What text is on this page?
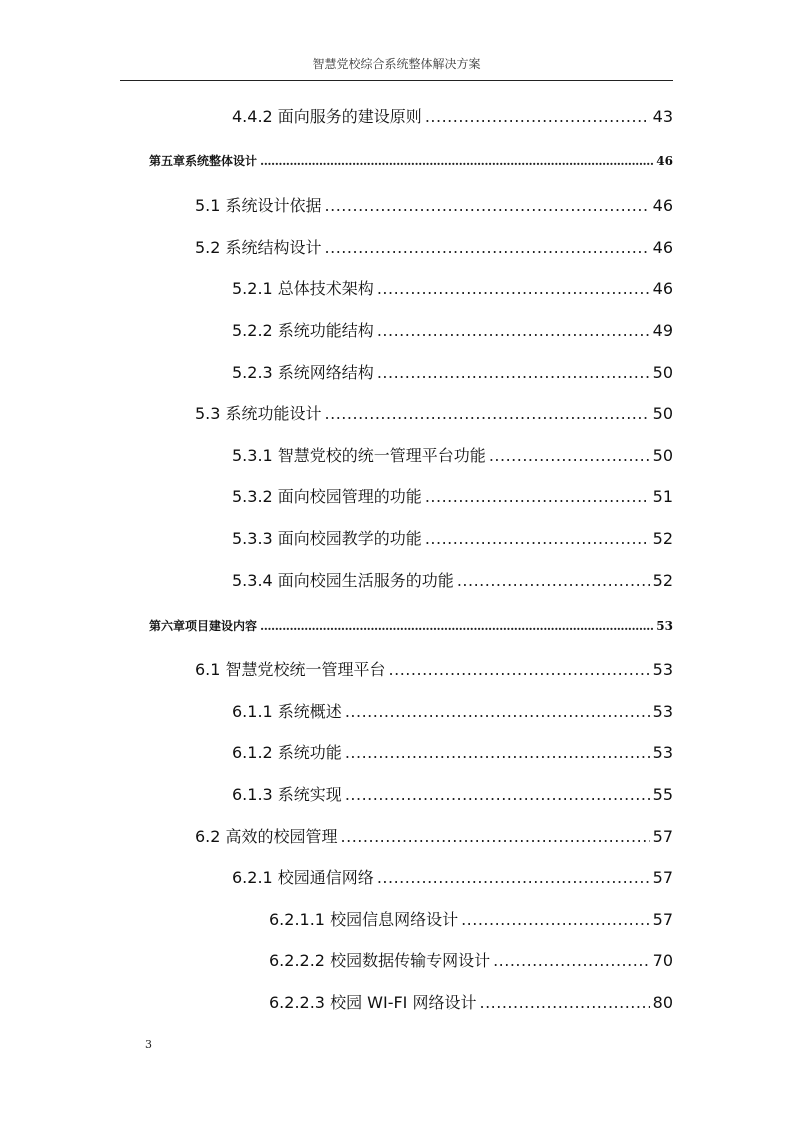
智慧党校综合系统整体解决方案
4.4.2 面向服务的建设原则 .....	43
第五章系统整体设计 .....	46
5.1 系统设计依据 .....	46
5.2 系统结构设计 .....	46
5.2.1 总体技术架构 .....	46
5.2.2 系统功能结构 .....	49
5.2.3 系统网络结构 .....	50
5.3 系统功能设计 .....	50
5.3.1 智慧党校的统一管理平台功能 .....	50
5.3.2 面向校园管理的功能 .....	51
5.3.3 面向校园教学的功能 .....	52
5.3.4 面向校园生活服务的功能 .....	52
第六章项目建设内容 .....	53
6.1 智慧党校统一管理平台 .....	53
6.1.1 系统概述 .....	53
6.1.2 系统功能 .....	53
6.1.3 系统实现 .....	55
6.2 高效的校园管理 .....	57
6.2.1 校园通信网络 .....	57
6.2.1.1 校园信息网络设计 .....	57
6.2.2.2 校园数据传输专网设计 .....	70
6.2.2.3 校园 WI-FI 网络设计 .....	80
3
